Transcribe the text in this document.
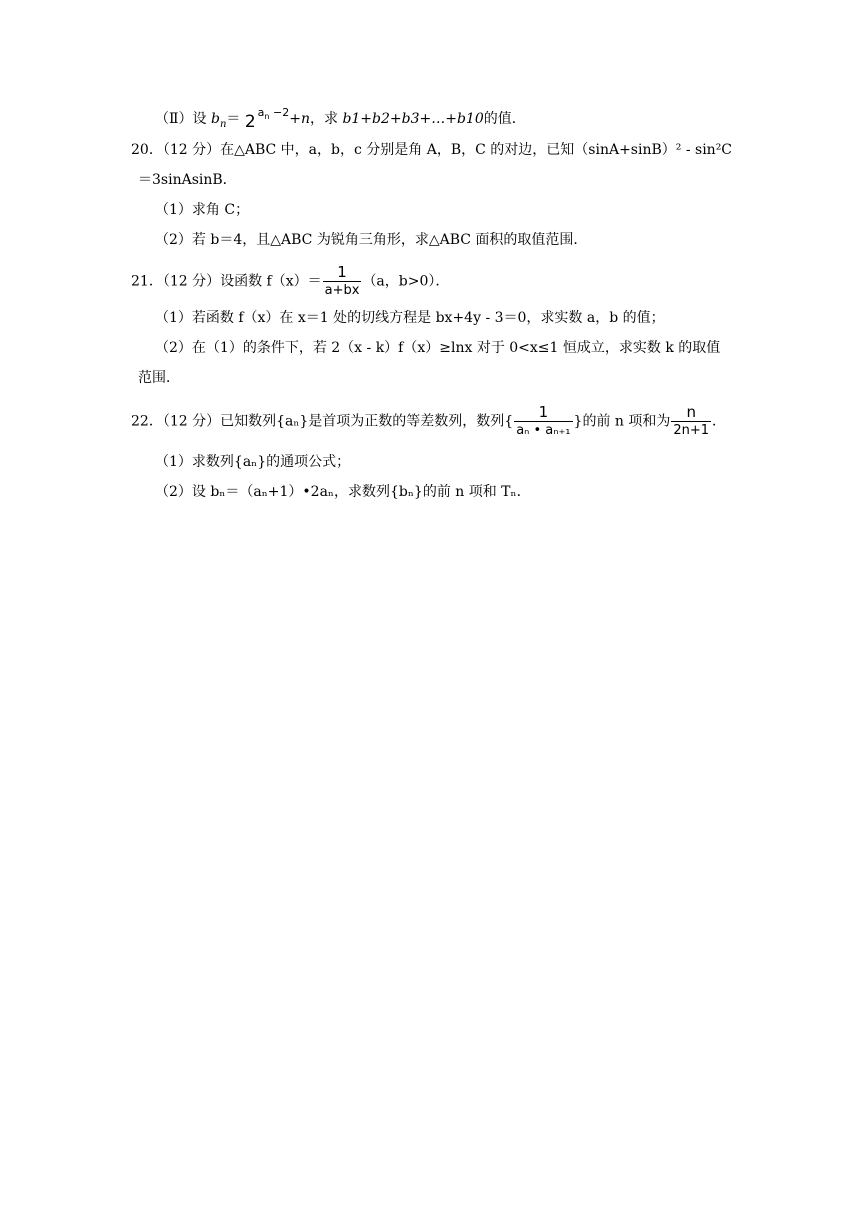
（Ⅱ）设 $b_n= 2$ $^{a_n -2}$+n，求 b1+b2+b3+…+b10的值．
20．（12 分）在△ABC 中，a，b，c 分别是角 A，B，C 的对边，已知（sinA+sinB）² ‑ sin²C
＝3sinAsinB．
（1）求角 C；
（2）若 b＝4，且△ABC 为锐角三角形，求△ABC 面积的取值范围．
21．（12 分）设函数 $f(x)= \frac{1}{a+bx} (a$，b>0）．
（1）若函数 f（x）在 x＝1 处的切线方程是 bx+4y ‑ 3＝0，求实数 a，b 的值；
（2）在（1）的条件下，若 2（x ‑ k）f（x）≥lnx 对于 0<x≤1 恒成立，求实数 k 的取值
范围．
22．（12 分）已知数列{aₙ}是首项为正数的等差数列，数列{ $\frac{1}{\text{aₙ • aₙ₊₁}}$ }的前 n 项和为 $\frac{n}{2n+1}$ ．
（1）求数列{aₙ}的通项公式；
（2）设 bₙ＝（aₙ+1）•2aₙ，求数列{bₙ}的前 n 项和 Tₙ．
